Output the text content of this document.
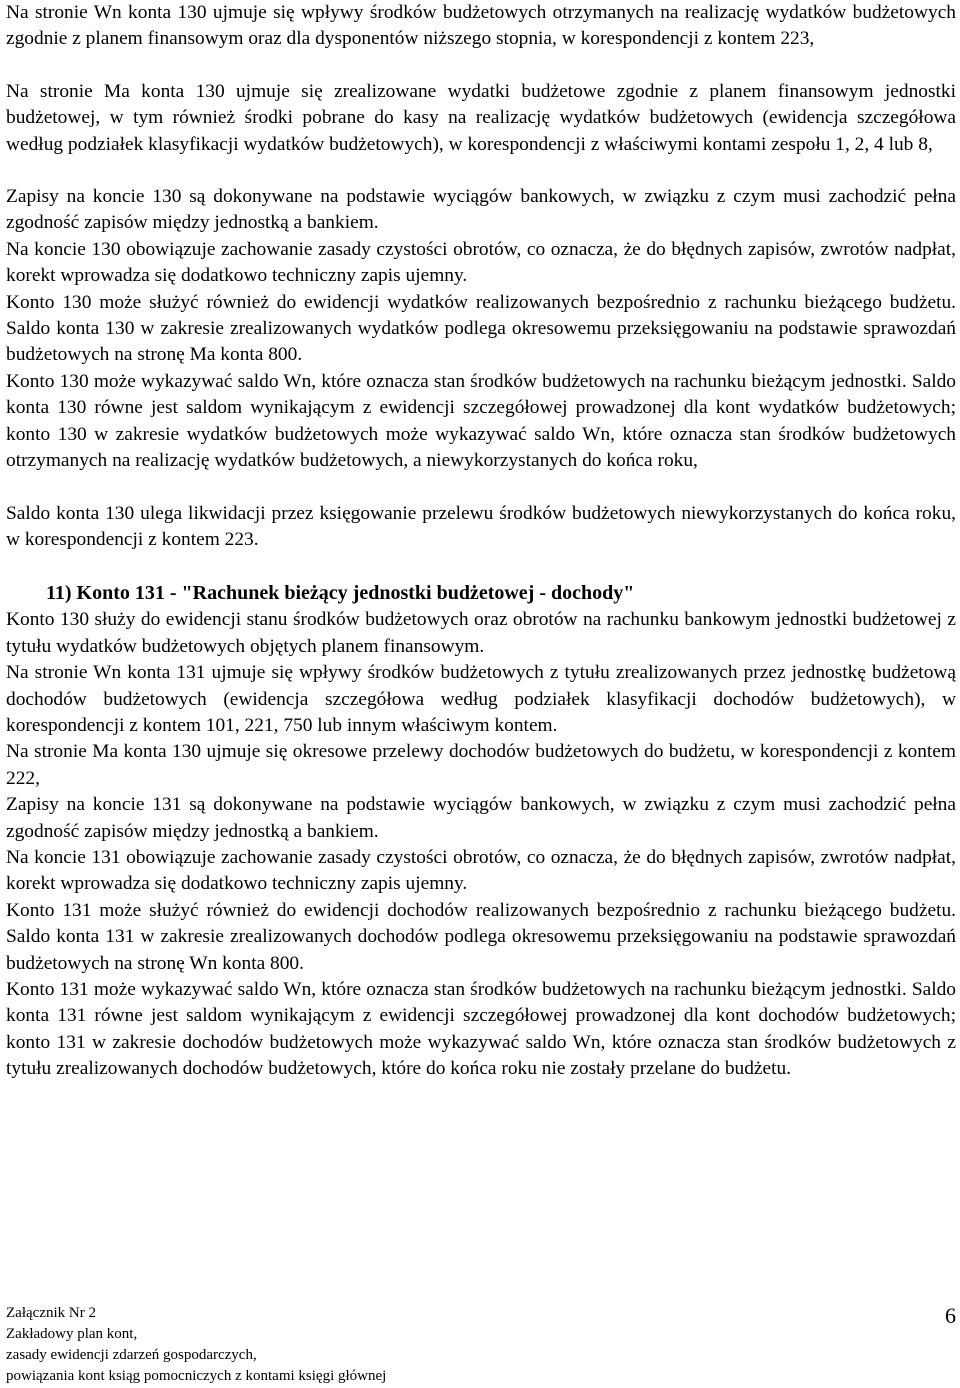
Na stronie Wn konta 130 ujmuje się wpływy środków budżetowych otrzymanych na realizację wydatków budżetowych zgodnie z planem finansowym oraz dla dysponentów niższego stopnia, w korespondencji z kontem 223,

Na stronie Ma konta 130 ujmuje się zrealizowane wydatki budżetowe zgodnie z planem finansowym jednostki budżetowej, w tym również środki pobrane do kasy na realizację wydatków budżetowych (ewidencja szczegółowa według podziałek klasyfikacji wydatków budżetowych), w korespondencji z właściwymi kontami zespołu 1, 2, 4 lub 8,

Zapisy na koncie 130 są dokonywane na podstawie wyciągów bankowych, w związku z czym musi zachodzić pełna zgodność zapisów między jednostką a bankiem.

Na koncie 130 obowiązuje zachowanie zasady czystości obrotów, co oznacza, że do błędnych zapisów, zwrotów nadpłat, korekt wprowadza się dodatkowo techniczny zapis ujemny.

Konto 130 może służyć również do ewidencji wydatków realizowanych bezpośrednio z rachunku bieżącego budżetu. Saldo konta 130 w zakresie zrealizowanych wydatków podlega okresowemu przeksięgowaniu na podstawie sprawozdań budżetowych na stronę Ma konta 800.

Konto 130 może wykazywać saldo Wn, które oznacza stan środków budżetowych na rachunku bieżącym jednostki. Saldo konta 130 równe jest saldom wynikającym z ewidencji szczegółowej prowadzonej dla kont wydatków budżetowych; konto 130 w zakresie wydatków budżetowych może wykazywać saldo Wn, które oznacza stan środków budżetowych otrzymanych na realizację wydatków budżetowych, a niewykorzystanych do końca roku,

Saldo konta 130 ulega likwidacji przez księgowanie przelewu środków budżetowych niewykorzystanych do końca roku, w korespondencji z kontem 223.

11) Konto 131 - "Rachunek bieżący jednostki budżetowej - dochody"

Konto 130 służy do ewidencji stanu środków budżetowych oraz obrotów na rachunku bankowym jednostki budżetowej z tytułu wydatków budżetowych objętych planem finansowym.

Na stronie Wn konta 131 ujmuje się wpływy środków budżetowych z tytułu zrealizowanych przez jednostkę budżetową dochodów budżetowych (ewidencja szczegółowa według podziałek klasyfikacji dochodów budżetowych), w korespondencji z kontem 101, 221, 750 lub innym właściwym kontem.

Na stronie Ma konta 130 ujmuje się okresowe przelewy dochodów budżetowych do budżetu, w korespondencji z kontem 222,

Zapisy na koncie 131 są dokonywane na podstawie wyciągów bankowych, w związku z czym musi zachodzić pełna zgodność zapisów między jednostką a bankiem.

Na koncie 131 obowiązuje zachowanie zasady czystości obrotów, co oznacza, że do błędnych zapisów, zwrotów nadpłat, korekt wprowadza się dodatkowo techniczny zapis ujemny.

Konto 131 może służyć również do ewidencji dochodów realizowanych bezpośrednio z rachunku bieżącego budżetu. Saldo konta 131 w zakresie zrealizowanych dochodów podlega okresowemu przeksięgowaniu na podstawie sprawozdań budżetowych na stronę Wn konta 800.

Konto 131 może wykazywać saldo Wn, które oznacza stan środków budżetowych na rachunku bieżącym jednostki. Saldo konta 131 równe jest saldom wynikającym z ewidencji szczegółowej prowadzonej dla kont dochodów budżetowych; konto 131 w zakresie dochodów budżetowych może wykazywać saldo Wn, które oznacza stan środków budżetowych z tytułu zrealizowanych dochodów budżetowych, które do końca roku nie zostały przelane do budżetu.

Załącznik Nr 2
Zakładowy plan kont,
zasady ewidencji zdarzeń gospodarczych,
powiązania kont ksiąg pomocniczych z kontami księgi głównej
6
